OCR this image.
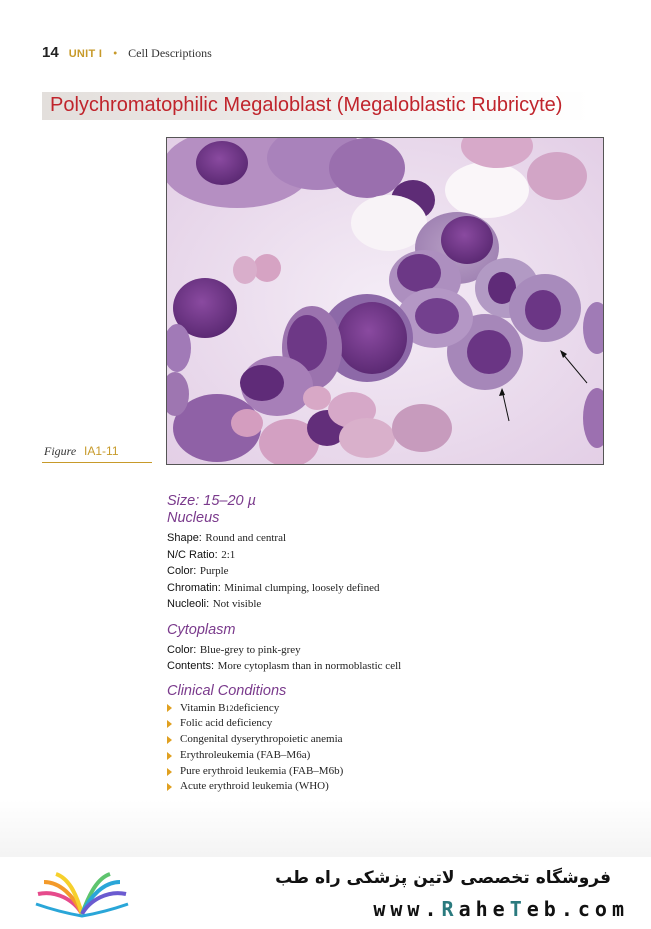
14 UNIT I • Cell Descriptions
Polychromatophilic Megaloblast (Megaloblastic Rubricyte)
Figure IA1-11

Size: 15–20 µ

Nucleus

Shape: Round and central

N/C Ratio: 2:1

Color: Purple

Chromatin: Minimal clumping, loosely defined

Nucleoli: Not visible

Cytoplasm

Color: Blue-grey to pink-grey

Contents: More cytoplasm than in normoblastic cell

Clinical Conditions

Vitamin B 12 deficiency
Folic acid deficiency
Congenital dyserythropoietic anemia
Erythroleukemia (FAB–M6a)
Pure erythroid leukemia (FAB–M6b)
Acute erythroid leukemia (WHO)
فروشگاه تخصصی لاتین پزشکی راه طب
www.RaheTeb.com
